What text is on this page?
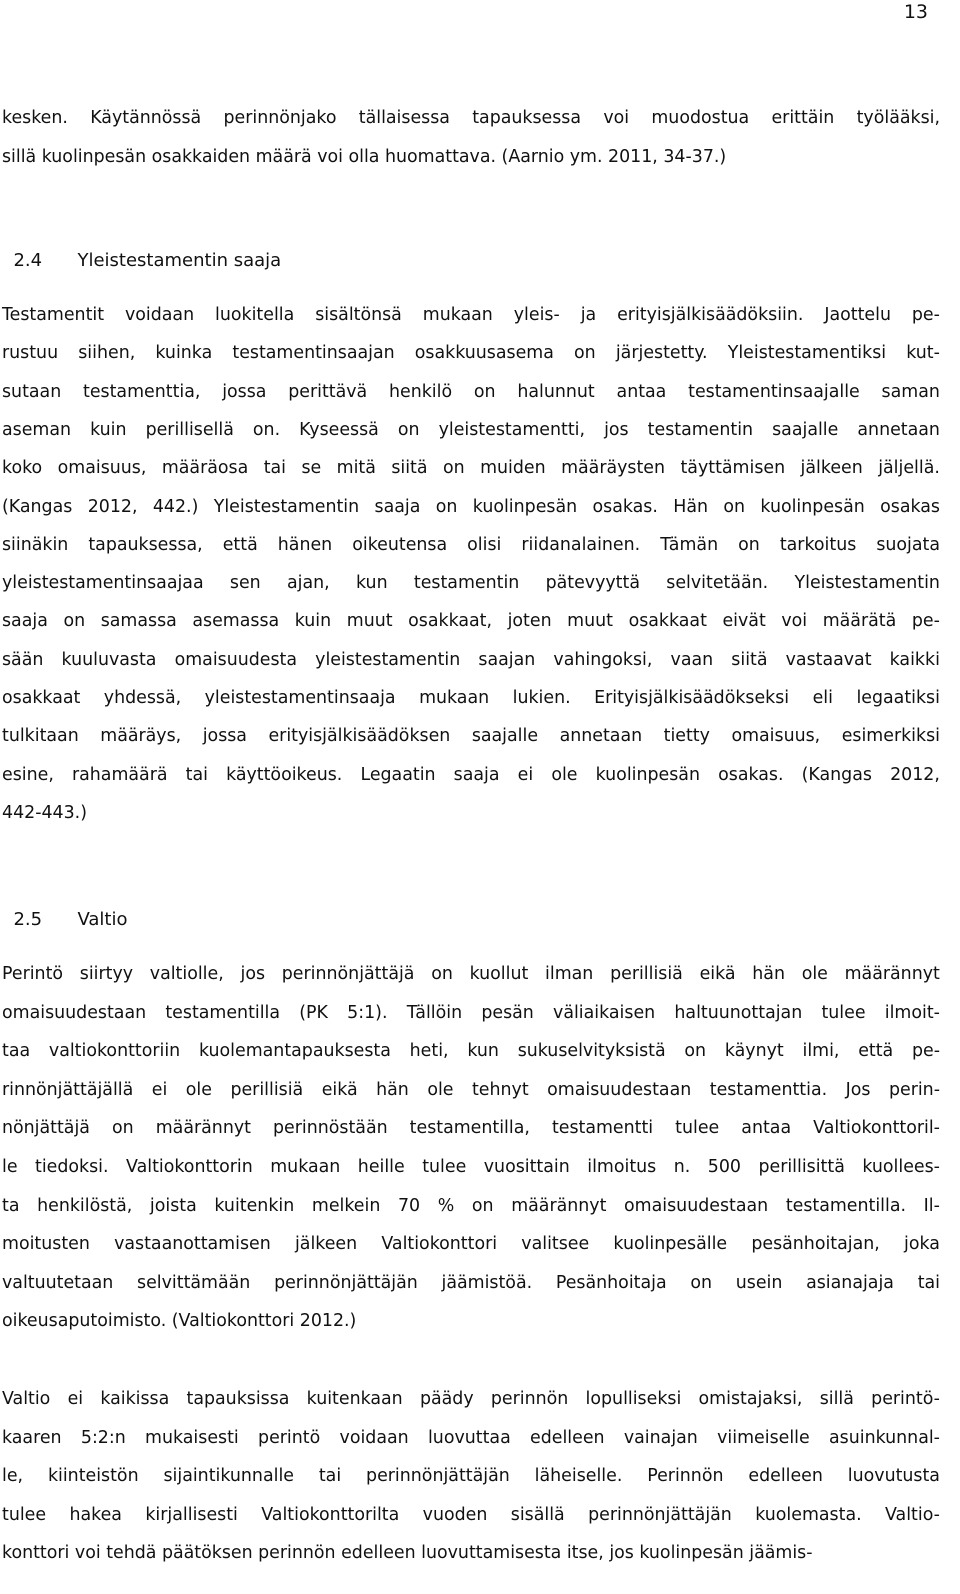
13
kesken. Käytännössä perinnönjako tällaisessa tapauksessa voi muodostua erittäin työlääksi,
sillä kuolinpesän osakkaiden määrä voi olla huomattava. (Aarnio ym. 2011, 34-37.)

2.4 Yleistestamentin saaja

Testamentit voidaan luokitella sisältönsä mukaan yleis- ja erityisjälkisäädöksiin. Jaottelu pe-
rustuu siihen, kuinka testamentinsaajan osakkuusasema on järjestetty. Yleistestamentiksi kut-
sutaan testamenttia, jossa perittävä henkilö on halunnut antaa testamentinsaajalle saman
aseman kuin perillisellä on. Kyseessä on yleistestamentti, jos testamentin saajalle annetaan
koko omaisuus, määräosa tai se mitä siitä on muiden määräysten täyttämisen jälkeen jäljellä.
(Kangas 2012, 442.) Yleistestamentin saaja on kuolinpesän osakas. Hän on kuolinpesän osakas
siinäkin tapauksessa, että hänen oikeutensa olisi riidanalainen. Tämän on tarkoitus suojata
yleistestamentinsaajaa sen ajan, kun testamentin pätevyyttä selvitetään. Yleistestamentin
saaja on samassa asemassa kuin muut osakkaat, joten muut osakkaat eivät voi määrätä pe-
sään kuuluvasta omaisuudesta yleistestamentin saajan vahingoksi, vaan siitä vastaavat kaikki
osakkaat yhdessä, yleistestamentinsaaja mukaan lukien. Erityisjälkisäädökseksi eli legaatiksi
tulkitaan määräys, jossa erityisjälkisäädöksen saajalle annetaan tietty omaisuus, esimerkiksi
esine, rahamäärä tai käyttöoikeus. Legaatin saaja ei ole kuolinpesän osakas. (Kangas 2012,
442-443.)

2.5 Valtio

Perintö siirtyy valtiolle, jos perinnönjättäjä on kuollut ilman perillisiä eikä hän ole määrännyt
omaisuudestaan testamentilla (PK 5:1). Tällöin pesän väliaikaisen haltuunottajan tulee ilmoit-
taa valtiokonttoriin kuolemantapauksesta heti, kun sukuselvityksistä on käynyt ilmi, että pe-
rinnönjättäjällä ei ole perillisiä eikä hän ole tehnyt omaisuudestaan testamenttia. Jos perin-
nönjättäjä on määrännyt perinnöstään testamentilla, testamentti tulee antaa Valtiokonttoril-
le tiedoksi. Valtiokonttorin mukaan heille tulee vuosittain ilmoitus n. 500 perillisittä kuollees-
ta henkilöstä, joista kuitenkin melkein 70 % on määrännyt omaisuudestaan testamentilla. Il-
moitusten vastaanottamisen jälkeen Valtiokonttori valitsee kuolinpesälle pesänhoitajan, joka
valtuutetaan selvittämään perinnönjättäjän jäämistöä. Pesänhoitaja on usein asianajaja tai
oikeusaputoimisto. (Valtiokonttori 2012.)
Valtio ei kaikissa tapauksissa kuitenkaan päädy perinnön lopulliseksi omistajaksi, sillä perintö-
kaaren 5:2:n mukaisesti perintö voidaan luovuttaa edelleen vainajan viimeiselle asuinkunnal-
le, kiinteistön sijaintikunnalle tai perinnönjättäjän läheiselle. Perinnön edelleen luovutusta
tulee hakea kirjallisesti Valtiokonttorilta vuoden sisällä perinnönjättäjän kuolemasta. Valtio-
konttori voi tehdä päätöksen perinnön edelleen luovuttamisesta itse, jos kuolinpesän jäämis-
